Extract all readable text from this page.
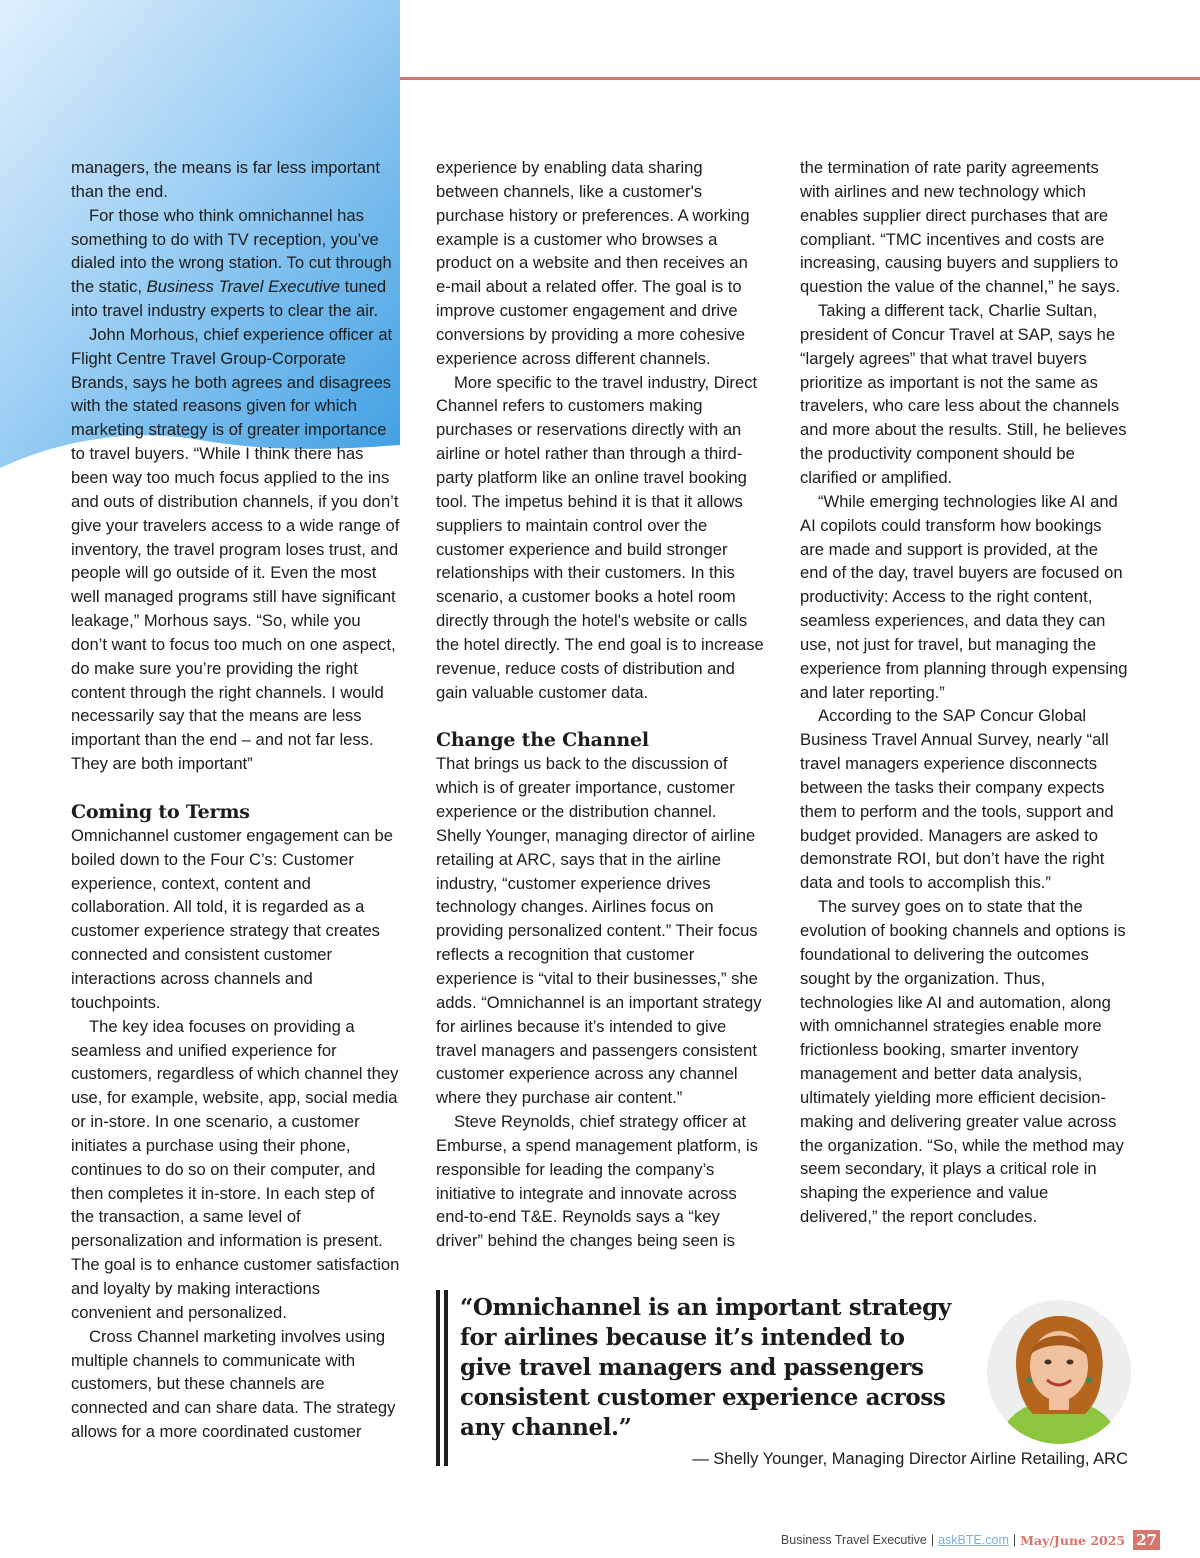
managers, the means is far less important than the end.

For those who think omnichannel has something to do with TV reception, you’ve dialed into the wrong station. To cut through the static, Business Travel Executive tuned into travel industry experts to clear the air.

John Morhous, chief experience officer at Flight Centre Travel Group-Corporate Brands, says he both agrees and disagrees with the stated reasons given for which marketing strategy is of greater importance to travel buyers. “While I think there has been way too much focus applied to the ins and outs of distribution channels, if you don’t give your travelers access to a wide range of inventory, the travel program loses trust, and people will go outside of it. Even the most well managed programs still have significant leakage,” Morhous says. “So, while you don’t want to focus too much on one aspect, do make sure you’re providing the right content through the right channels. I would necessarily say that the means are less important than the end – and not far less. They are both important”

Coming to Terms

Omnichannel customer engagement can be boiled down to the Four C’s: Customer experience, context, content and collaboration. All told, it is regarded as a customer experience strategy that creates connected and consistent customer interactions across channels and touchpoints.

The key idea focuses on providing a seamless and unified experience for customers, regardless of which channel they use, for example, website, app, social media or in-store. In one scenario, a customer initiates a purchase using their phone, continues to do so on their computer, and then completes it in-store. In each step of the transaction, a same level of personalization and information is present. The goal is to enhance customer satisfaction and loyalty by making interactions convenient and personalized.

Cross Channel marketing involves using multiple channels to communicate with customers, but these channels are connected and can share data. The strategy allows for a more coordinated customer

experience by enabling data sharing between channels, like a customer's purchase history or preferences. A working example is a customer who browses a product on a website and then receives an e-mail about a related offer. The goal is to improve customer engagement and drive conversions by providing a more cohesive experience across different channels.

More specific to the travel industry, Direct Channel refers to customers making purchases or reservations directly with an airline or hotel rather than through a third-party platform like an online travel booking tool. The impetus behind it is that it allows suppliers to maintain control over the customer experience and build stronger relationships with their customers. In this scenario, a customer books a hotel room directly through the hotel's website or calls the hotel directly. The end goal is to increase revenue, reduce costs of distribution and gain valuable customer data.

Change the Channel

That brings us back to the discussion of which is of greater importance, customer experience or the distribution channel. Shelly Younger, managing director of airline retailing at ARC, says that in the airline industry, “customer experience drives technology changes. Airlines focus on providing personalized content.” Their focus reflects a recognition that customer experience is “vital to their businesses,” she adds. “Omnichannel is an important strategy for airlines because it’s intended to give travel managers and passengers consistent customer experience across any channel where they purchase air content.”

Steve Reynolds, chief strategy officer at Emburse, a spend management platform, is responsible for leading the company’s initiative to integrate and innovate across end-to-end T&E. Reynolds says a “key driver” behind the changes being seen is

the termination of rate parity agreements with airlines and new technology which enables supplier direct purchases that are compliant. “TMC incentives and costs are increasing, causing buyers and suppliers to question the value of the channel,” he says.

Taking a different tack, Charlie Sultan, president of Concur Travel at SAP, says he “largely agrees” that what travel buyers prioritize as important is not the same as travelers, who care less about the channels and more about the results. Still, he believes the productivity component should be clarified or amplified.

“While emerging technologies like AI and AI copilots could transform how bookings are made and support is provided, at the end of the day, travel buyers are focused on productivity: Access to the right content, seamless experiences, and data they can use, not just for travel, but managing the experience from planning through expensing and later reporting.”

According to the SAP Concur Global Business Travel Annual Survey, nearly “all travel managers experience disconnects between the tasks their company expects them to perform and the tools, support and budget provided. Managers are asked to demonstrate ROI, but don’t have the right data and tools to accomplish this.”

The survey goes on to state that the evolution of booking channels and options is foundational to delivering the outcomes sought by the organization. Thus, technologies like AI and automation, along with omnichannel strategies enable more frictionless booking, smarter inventory management and better data analysis, ultimately yielding more efficient decision-making and delivering greater value across the organization. “So, while the method may seem secondary, it plays a critical role in shaping the experience and value delivered,” the report concludes.

“Omnichannel is an important strategy
for airlines because it’s intended to
give travel managers and passengers
consistent customer experience across
any channel.”
— Shelly Younger, Managing Director Airline Retailing, ARC
Business Travel Executive | askBTE.com | May/June 2025 27
